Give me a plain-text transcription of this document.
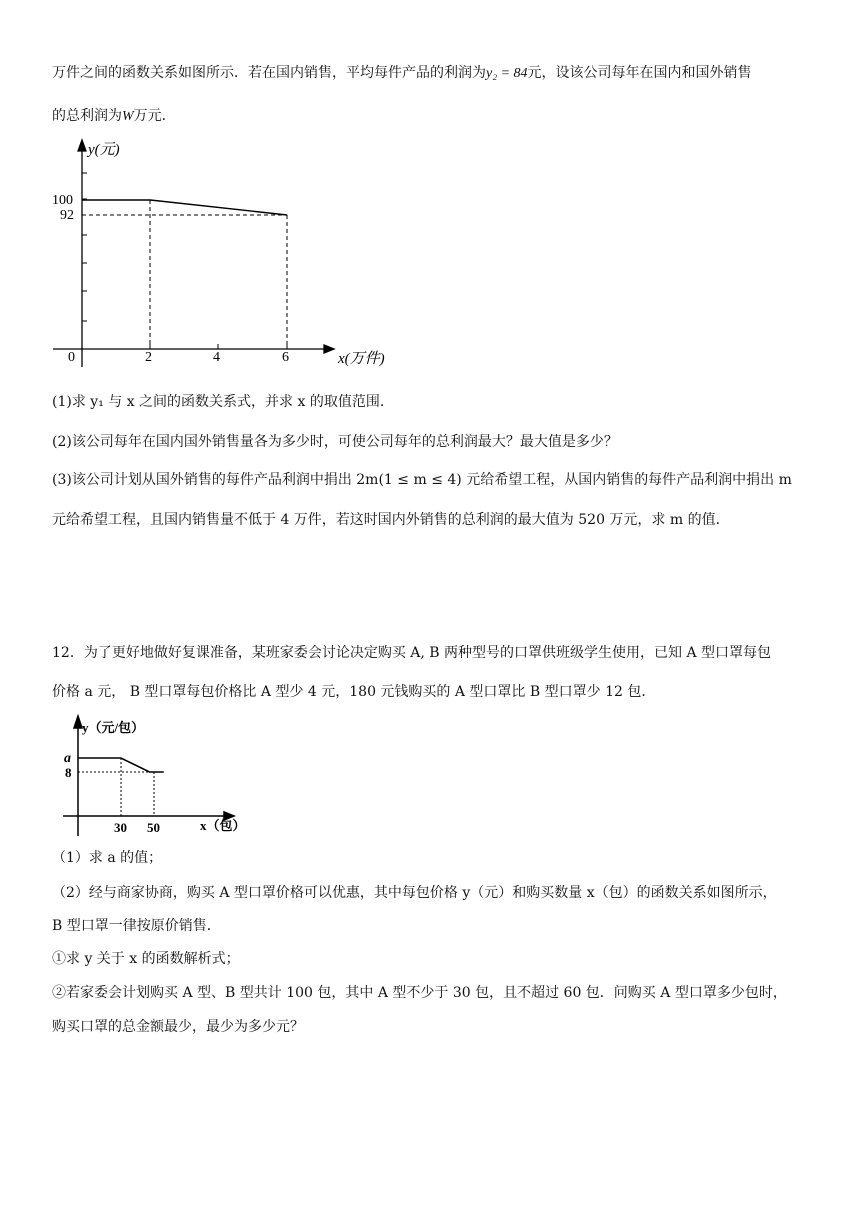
万件之间的函数关系如图所示．若在国内销售，平均每件产品的利润为y₂ = 84元，设该公司每年在国内和国外销售
的总利润为W万元．
y(元)
x(万件)
0	2	4	6
100
92
(1)求 y₁ 与 x 之间的函数关系式，并求 x 的取值范围．
(2)该公司每年在国内国外销售量各为多少时，可使公司每年的总利润最大？最大值是多少？
(3)该公司计划从国外销售的每件产品利润中捐出 2m(1 ≤ m ≤ 4) 元给希望工程，从国内销售的每件产品利润中捐出 m
元给希望工程，且国内销售量不低于 4 万件，若这时国内外销售的总利润的最大值为 520 万元，求 m 的值．
12．为了更好地做好复课准备，某班家委会讨论决定购买 A, B 两种型号的口罩供班级学生使用，已知 A 型口罩每包
价格 a 元， B 型口罩每包价格比 A 型少 4 元，180 元钱购买的 A 型口罩比 B 型口罩少 12 包．
y（元/包）
x（包）
30 50
a
8
（1）求 a 的值；
（2）经与商家协商，购买 A 型口罩价格可以优惠，其中每包价格 y（元）和购买数量 x（包）的函数关系如图所示，
B 型口罩一律按原价销售．
①求 y 关于 x 的函数解析式；
②若家委会计划购买 A 型、B 型共计 100 包，其中 A 型不少于 30 包，且不超过 60 包．问购买 A 型口罩多少包时，
购买口罩的总金额最少，最少为多少元？
